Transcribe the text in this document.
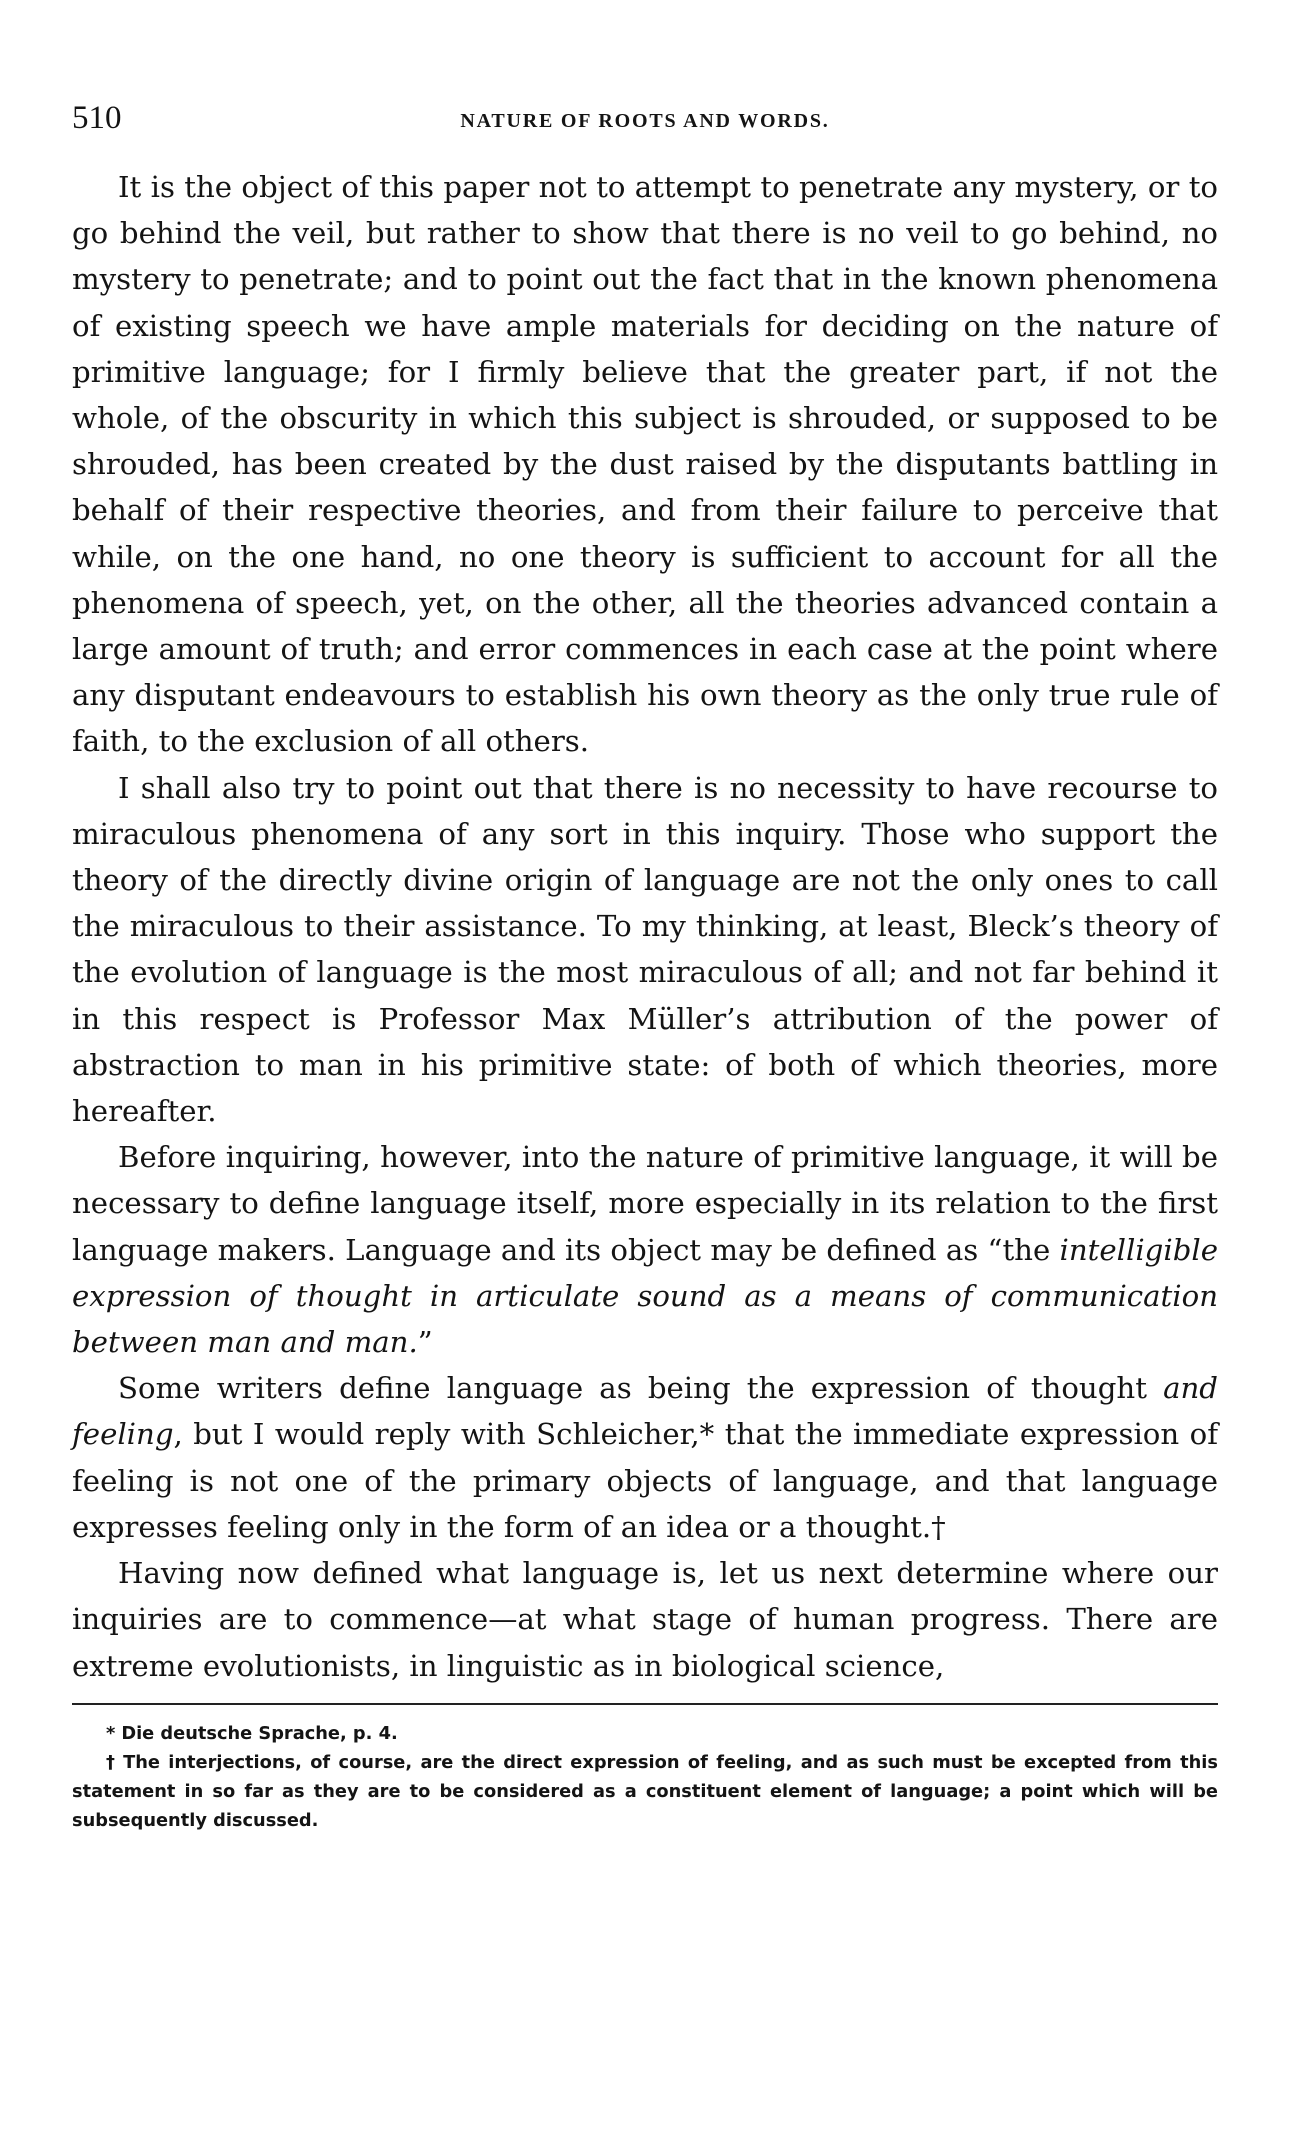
510	NATURE OF ROOTS AND WORDS.

It is the object of this paper not to attempt to penetrate any mystery, or to go behind the veil, but rather to show that there is no veil to go behind, no mystery to penetrate; and to point out the fact that in the known phenomena of existing speech we have ample materials for deciding on the nature of primitive language; for I firmly believe that the greater part, if not the whole, of the obscurity in which this subject is shrouded, or supposed to be shrouded, has been created by the dust raised by the disputants battling in behalf of their respective theories, and from their failure to perceive that while, on the one hand, no one theory is sufficient to account for all the phenomena of speech, yet, on the other, all the theories advanced contain a large amount of truth; and error commences in each case at the point where any disputant endeavours to establish his own theory as the only true rule of faith, to the exclusion of all others.

I shall also try to point out that there is no necessity to have recourse to miraculous phenomena of any sort in this inquiry. Those who support the theory of the directly divine origin of language are not the only ones to call the miraculous to their assistance. To my thinking, at least, Bleck’s theory of the evolution of language is the most miraculous of all; and not far behind it in this respect is Professor Max Müller’s attribution of the power of abstraction to man in his primitive state: of both of which theories, more hereafter.

Before inquiring, however, into the nature of primitive language, it will be necessary to define language itself, more especially in its relation to the first language makers. Language and its object may be defined as “the intelligible expression of thought in articulate sound as a means of communication between man and man.”

Some writers define language as being the expression of thought and feeling, but I would reply with Schleicher,* that the immediate expression of feeling is not one of the primary objects of language, and that language expresses feeling only in the form of an idea or a thought.†

Having now defined what language is, let us next determine where our inquiries are to commence—at what stage of human progress. There are extreme evolutionists, in linguistic as in biological science,

* Die deutsche Sprache, p. 4.

† The interjections, of course, are the direct expression of feeling, and as such must be excepted from this statement in so far as they are to be considered as a constituent element of language; a point which will be subsequently discussed.
